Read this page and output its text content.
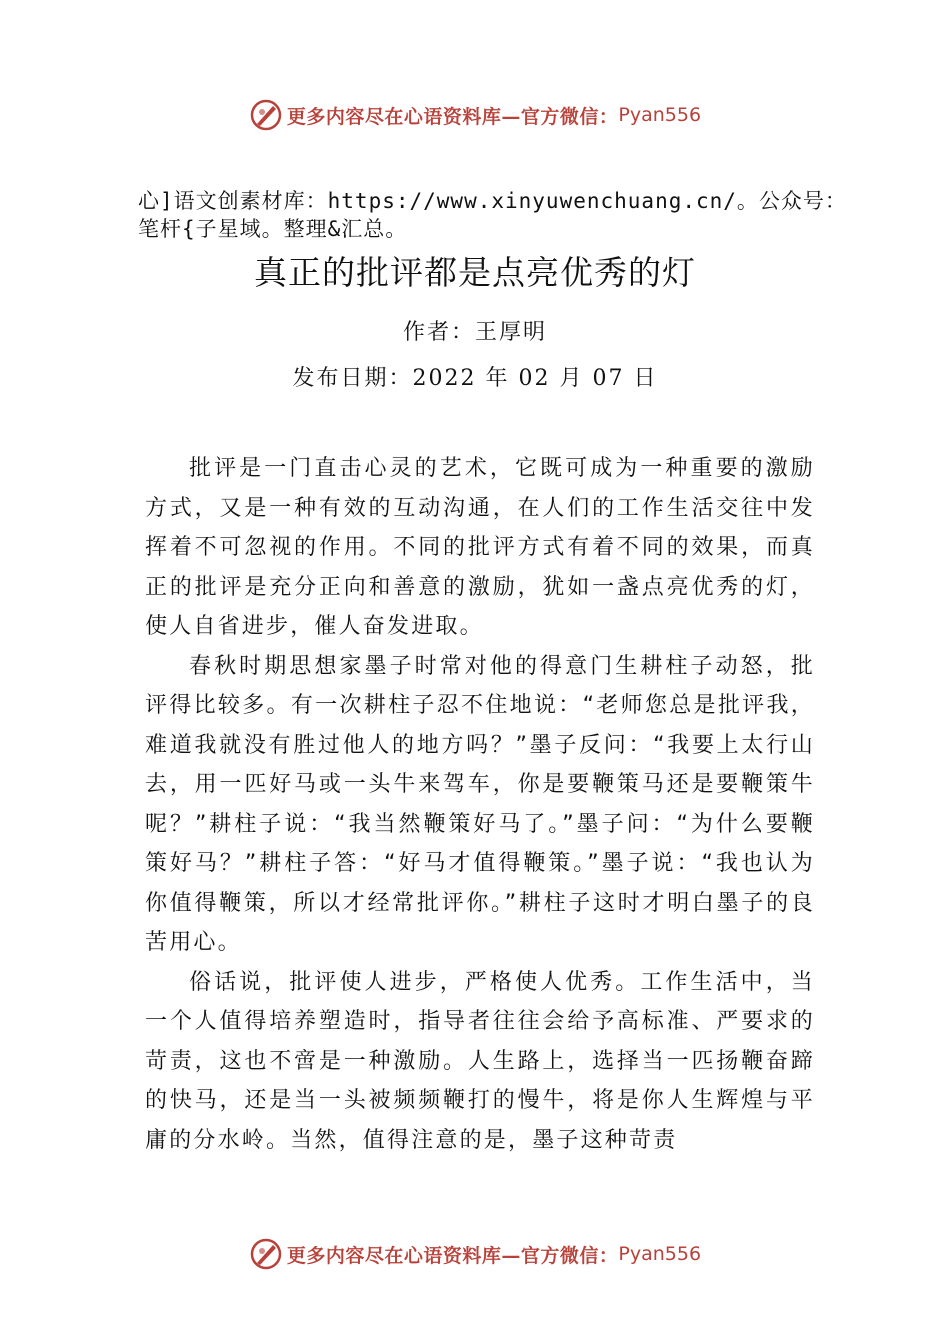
更多内容尽在心语资料库—官方微信： Pyan556
心]语文创素材库：https://www.xinyuwenchuang.cn/。公众号：笔杆{子星域。整理&汇总。
真正的批评都是点亮优秀的灯
作者：王厚明
发布日期：2022 年 02 月 07 日

批评是一门直击心灵的艺术，它既可成为一种重要的激励方式，又是一种有效的互动沟通，在人们的工作生活交往中发挥着不可忽视的作用。不同的批评方式有着不同的效果，而真正的批评是充分正向和善意的激励，犹如一盏点亮优秀的灯，使人自省进步，催人奋发进取。

春秋时期思想家墨子时常对他的得意门生耕柱子动怒，批评得比较多。有一次耕柱子忍不住地说：“老师您总是批评我，难道我就没有胜过他人的地方吗？”墨子反问：“我要上太行山去，用一匹好马或一头牛来驾车，你是要鞭策马还是要鞭策牛呢？”耕柱子说：“我当然鞭策好马了。”墨子问：“为什么要鞭策好马？”耕柱子答：“好马才值得鞭策。”墨子说：“我也认为你值得鞭策，所以才经常批评你。”耕柱子这时才明白墨子的良苦用心。

俗话说，批评使人进步，严格使人优秀。工作生活中，当一个人值得培养塑造时，指导者往往会给予高标准、严要求的苛责，这也不啻是一种激励。人生路上，选择当一匹扬鞭奋蹄的快马，还是当一头被频频鞭打的慢牛，将是你人生辉煌与平庸的分水岭。当然，值得注意的是，墨子这种苛责

更多内容尽在心语资料库—官方微信： Pyan556
